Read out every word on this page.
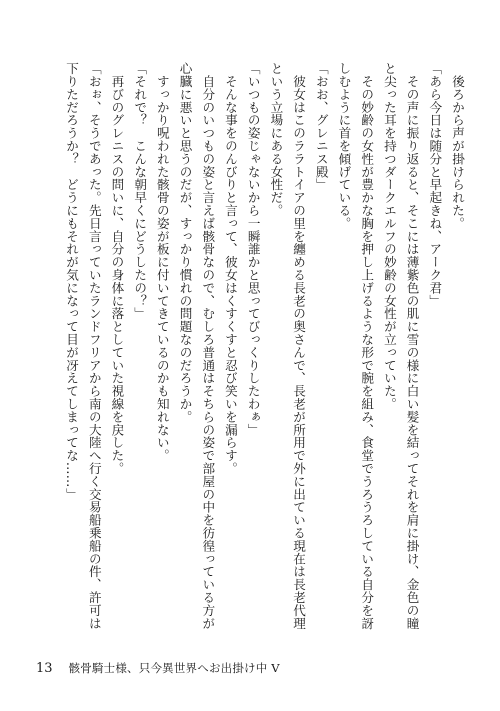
　後ろから声が掛けられた。
「あら今日は随分と早起きね、アーク君」
　その声に振り返ると、そこには薄紫色の肌に雪の様に白い髪を結ってそれを肩に掛け、金色の瞳
と尖った耳を持つダークエルフの妙齢の女性が立っていた。
　その妙齢の女性が豊かな胸を押し上げるような形で腕を組み、食堂でうろうろしている自分を訝
しむように首を傾げている。
「おお、グレニス殿」
　彼女はこのララトイアの里を纏める長老の奥さんで、長老が所用で外に出ている現在は長老代理
という立場にある女性だ。
「いつもの姿じゃないから一瞬誰かと思ってびっくりしたわぁ」
　そんな事をのんびりと言って、彼女はくすくすと忍び笑いを漏らす。
　自分のいつもの姿と言えば骸骨なので、むしろ普通はそちらの姿で部屋の中を彷徨っている方が
心臓に悪いと思うのだが、すっかり慣れの問題なのだろうか。
　すっかり呪われた骸骨の姿が板に付いてきているのかも知れない。
「それで？　こんな朝早くにどうしたの？」
　再びのグレニスの問いに、自分の身体に落としていた視線を戻した。
「おぉ、そうであった。先日言っていたランドフリアから南の大陸へ行く交易船乗船の件、許可は
下りただろうか？　どうにもそれが気になって目が冴えてしまってな……」
13 骸骨騎士様、只今異世界へお出掛け中 V
